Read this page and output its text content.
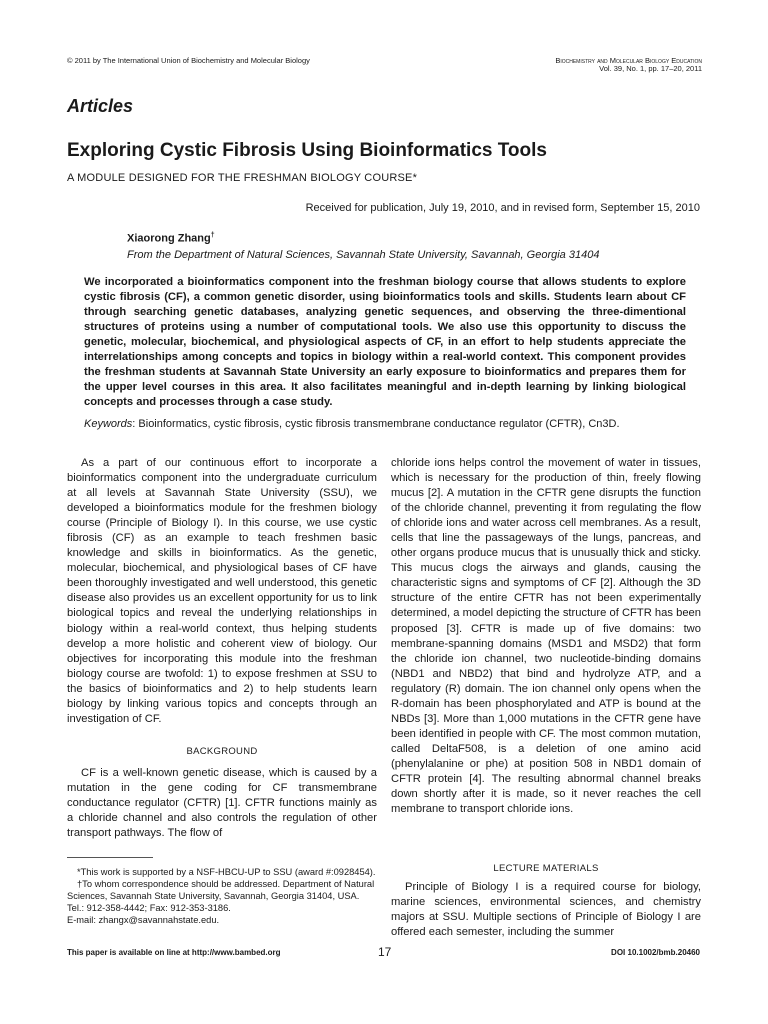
© 2011 by The International Union of Biochemistry and Molecular Biology	Biochemistry and Molecular Biology Education
Vol. 39, No. 1, pp. 17–20, 2011
Articles
Exploring Cystic Fibrosis Using Bioinformatics Tools
A MODULE DESIGNED FOR THE FRESHMAN BIOLOGY COURSE*
Received for publication, July 19, 2010, and in revised form, September 15, 2010
Xiaorong Zhang†
From the Department of Natural Sciences, Savannah State University, Savannah, Georgia 31404
We incorporated a bioinformatics component into the freshman biology course that allows students to explore cystic fibrosis (CF), a common genetic disorder, using bioinformatics tools and skills. Students learn about CF through searching genetic databases, analyzing genetic sequences, and observing the three-dimentional structures of proteins using a number of computational tools. We also use this opportunity to discuss the genetic, molecular, biochemical, and physiological aspects of CF, in an effort to help students appreciate the interrelationships among concepts and topics in biology within a real-world context. This component provides the freshman students at Savannah State University an early exposure to bioinformatics and prepares them for the upper level courses in this area. It also facilitates meaningful and in-depth learning by linking biological concepts and processes through a case study.
Keywords: Bioinformatics, cystic fibrosis, cystic fibrosis transmembrane conductance regulator (CFTR), Cn3D.

As a part of our continuous effort to incorporate a bioinformatics component into the undergraduate curriculum at all levels at Savannah State University (SSU), we developed a bioinformatics module for the freshmen biology course (Principle of Biology I). In this course, we use cystic fibrosis (CF) as an example to teach freshmen basic knowledge and skills in bioinformatics. As the genetic, molecular, biochemical, and physiological bases of CF have been thoroughly investigated and well understood, this genetic disease also provides us an excellent opportunity for us to link biological topics and reveal the underlying relationships in biology within a real-world context, thus helping students develop a more holistic and coherent view of biology. Our objectives for incorporating this module into the freshman biology course are twofold: 1) to expose freshmen at SSU to the basics of bioinformatics and 2) to help students learn biology by linking various topics and concepts through an investigation of CF.

BACKGROUND

CF is a well-known genetic disease, which is caused by a mutation in the gene coding for CF transmembrane conductance regulator (CFTR) [1]. CFTR functions mainly as a chloride channel and also controls the regulation of other transport pathways. The flow of

*This work is supported by a NSF-HBCU-UP to SSU (award #:0928454).

†To whom correspondence should be addressed. Department of Natural Sciences, Savannah State University, Savannah, Georgia 31404, USA. Tel.: 912-358-4442; Fax: 912-353-3186.

E-mail: zhangx@savannahstate.edu.
chloride ions helps control the movement of water in tissues, which is necessary for the production of thin, freely flowing mucus [2]. A mutation in the CFTR gene disrupts the function of the chloride channel, preventing it from regulating the flow of chloride ions and water across cell membranes. As a result, cells that line the passageways of the lungs, pancreas, and other organs produce mucus that is unusually thick and sticky. This mucus clogs the airways and glands, causing the characteristic signs and symptoms of CF [2]. Although the 3D structure of the entire CFTR has not been experimentally determined, a model depicting the structure of CFTR has been proposed [3]. CFTR is made up of five domains: two membrane-spanning domains (MSD1 and MSD2) that form the chloride ion channel, two nucleotide-binding domains (NBD1 and NBD2) that bind and hydrolyze ATP, and a regulatory (R) domain. The ion channel only opens when the R-domain has been phosphorylated and ATP is bound at the NBDs [3]. More than 1,000 mutations in the CFTR gene have been identified in people with CF. The most common mutation, called DeltaF508, is a deletion of one amino acid (phenylalanine or phe) at position 508 in NBD1 domain of CFTR protein [4]. The resulting abnormal channel breaks down shortly after it is made, so it never reaches the cell membrane to transport chloride ions.
LECTURE MATERIALS

Principle of Biology I is a required course for biology, marine sciences, environmental sciences, and chemistry majors at SSU. Multiple sections of Principle of Biology I are offered each semester, including the summer

This paper is available on line at http://www.bambed.org	17	DOI 10.1002/bmb.20460
